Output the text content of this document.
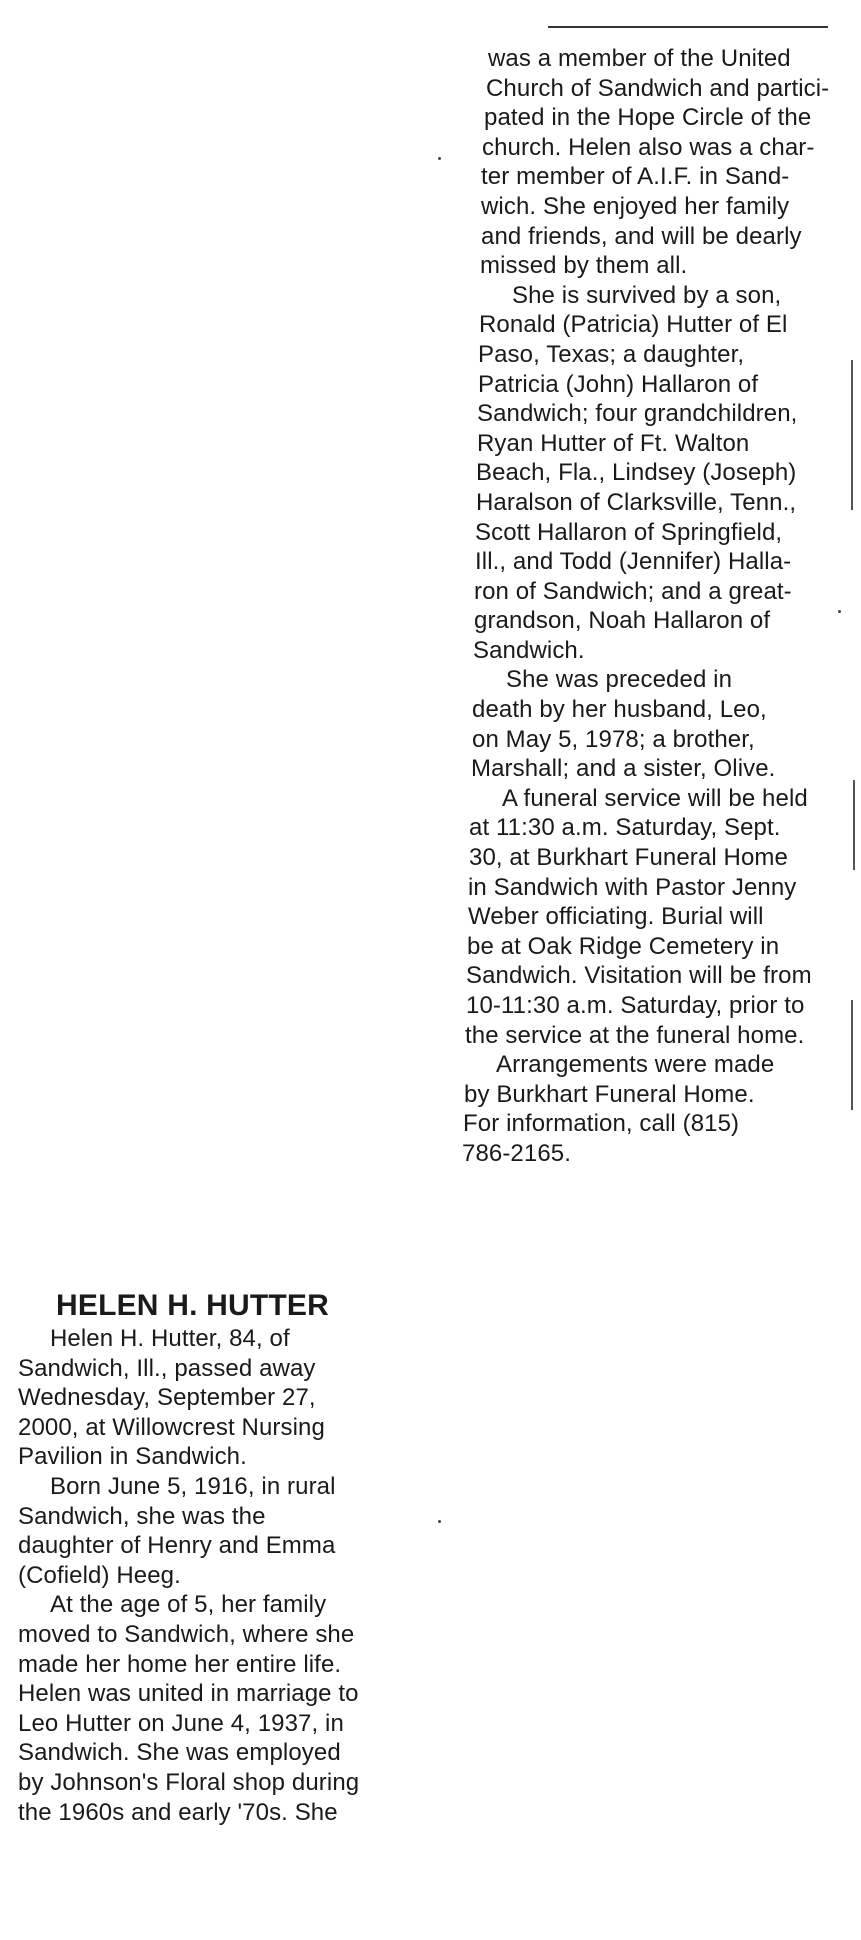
was a member of the United
Church of Sandwich and partici-
pated in the Hope Circle of the
church. Helen also was a char-
ter member of A.I.F. in Sand-
wich. She enjoyed her family
and friends, and will be dearly
missed by them all.
She is survived by a son,
Ronald (Patricia) Hutter of El
Paso, Texas; a daughter,
Patricia (John) Hallaron of
Sandwich; four grandchildren,
Ryan Hutter of Ft. Walton
Beach, Fla., Lindsey (Joseph)
Haralson of Clarksville, Tenn.,
Scott Hallaron of Springfield,
Ill., and Todd (Jennifer) Halla-
ron of Sandwich; and a great-
grandson, Noah Hallaron of
Sandwich.
She was preceded in
death by her husband, Leo,
on May 5, 1978; a brother,
Marshall; and a sister, Olive.
A funeral service will be held
at 11:30 a.m. Saturday, Sept.
30, at Burkhart Funeral Home
in Sandwich with Pastor Jenny
Weber officiating. Burial will
be at Oak Ridge Cemetery in
Sandwich. Visitation will be from
10-11:30 a.m. Saturday, prior to
the service at the funeral home.
Arrangements were made
by Burkhart Funeral Home.
For information, call (815)
786-2165.
HELEN H. HUTTER
Helen H. Hutter, 84, of
Sandwich, Ill., passed away
Wednesday, September 27,
2000, at Willowcrest Nursing
Pavilion in Sandwich.
Born June 5, 1916, in rural
Sandwich, she was the
daughter of Henry and Emma
(Cofield) Heeg.
At the age of 5, her family
moved to Sandwich, where she
made her home her entire life.
Helen was united in marriage to
Leo Hutter on June 4, 1937, in
Sandwich. She was employed
by Johnson's Floral shop during
the 1960s and early '70s. She
